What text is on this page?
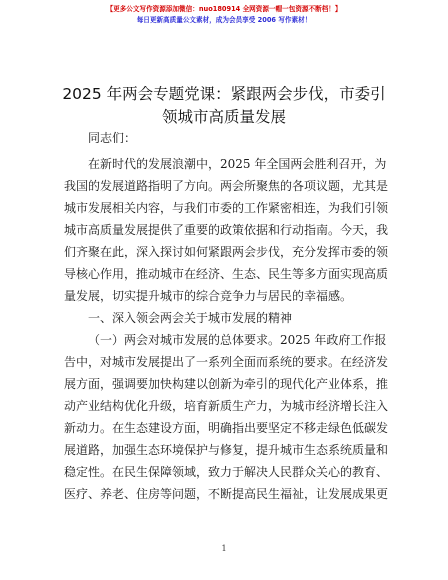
【更多公文写作资源添加微信：nuo180914 全网资源一帽一包资源不断档！】
每日更新高质量公文素材，成为会员享受 2006 写作素材！
2025 年两会专题党课：紧跟两会步伐，市委引
领城市高质量发展
同志们：
在新时代的发展浪潮中，2025 年全国两会胜利召开，为
我国的发展道路指明了方向。两会所聚焦的各项议题，尤其是
城市发展相关内容，与我们市委的工作紧密相连，为我们引领
城市高质量发展提供了重要的政策依据和行动指南。今天，我
们齐聚在此，深入探讨如何紧跟两会步伐，充分发挥市委的领
导核心作用，推动城市在经济、生态、民生等多方面实现高质
量发展，切实提升城市的综合竞争力与居民的幸福感。
一、深入领会两会关于城市发展的精神
（一）两会对城市发展的总体要求。2025 年政府工作报
告中，对城市发展提出了一系列全面而系统的要求。在经济发
展方面，强调要加快构建以创新为牵引的现代化产业体系，推
动产业结构优化升级，培育新质生产力，为城市经济增长注入
新动力。在生态建设方面，明确指出要坚定不移走绿色低碳发
展道路，加强生态环境保护与修复，提升城市生态系统质量和
稳定性。在民生保障领域，致力于解决人民群众关心的教育、
医疗、养老、住房等问题，不断提高民生福祉，让发展成果更
1
